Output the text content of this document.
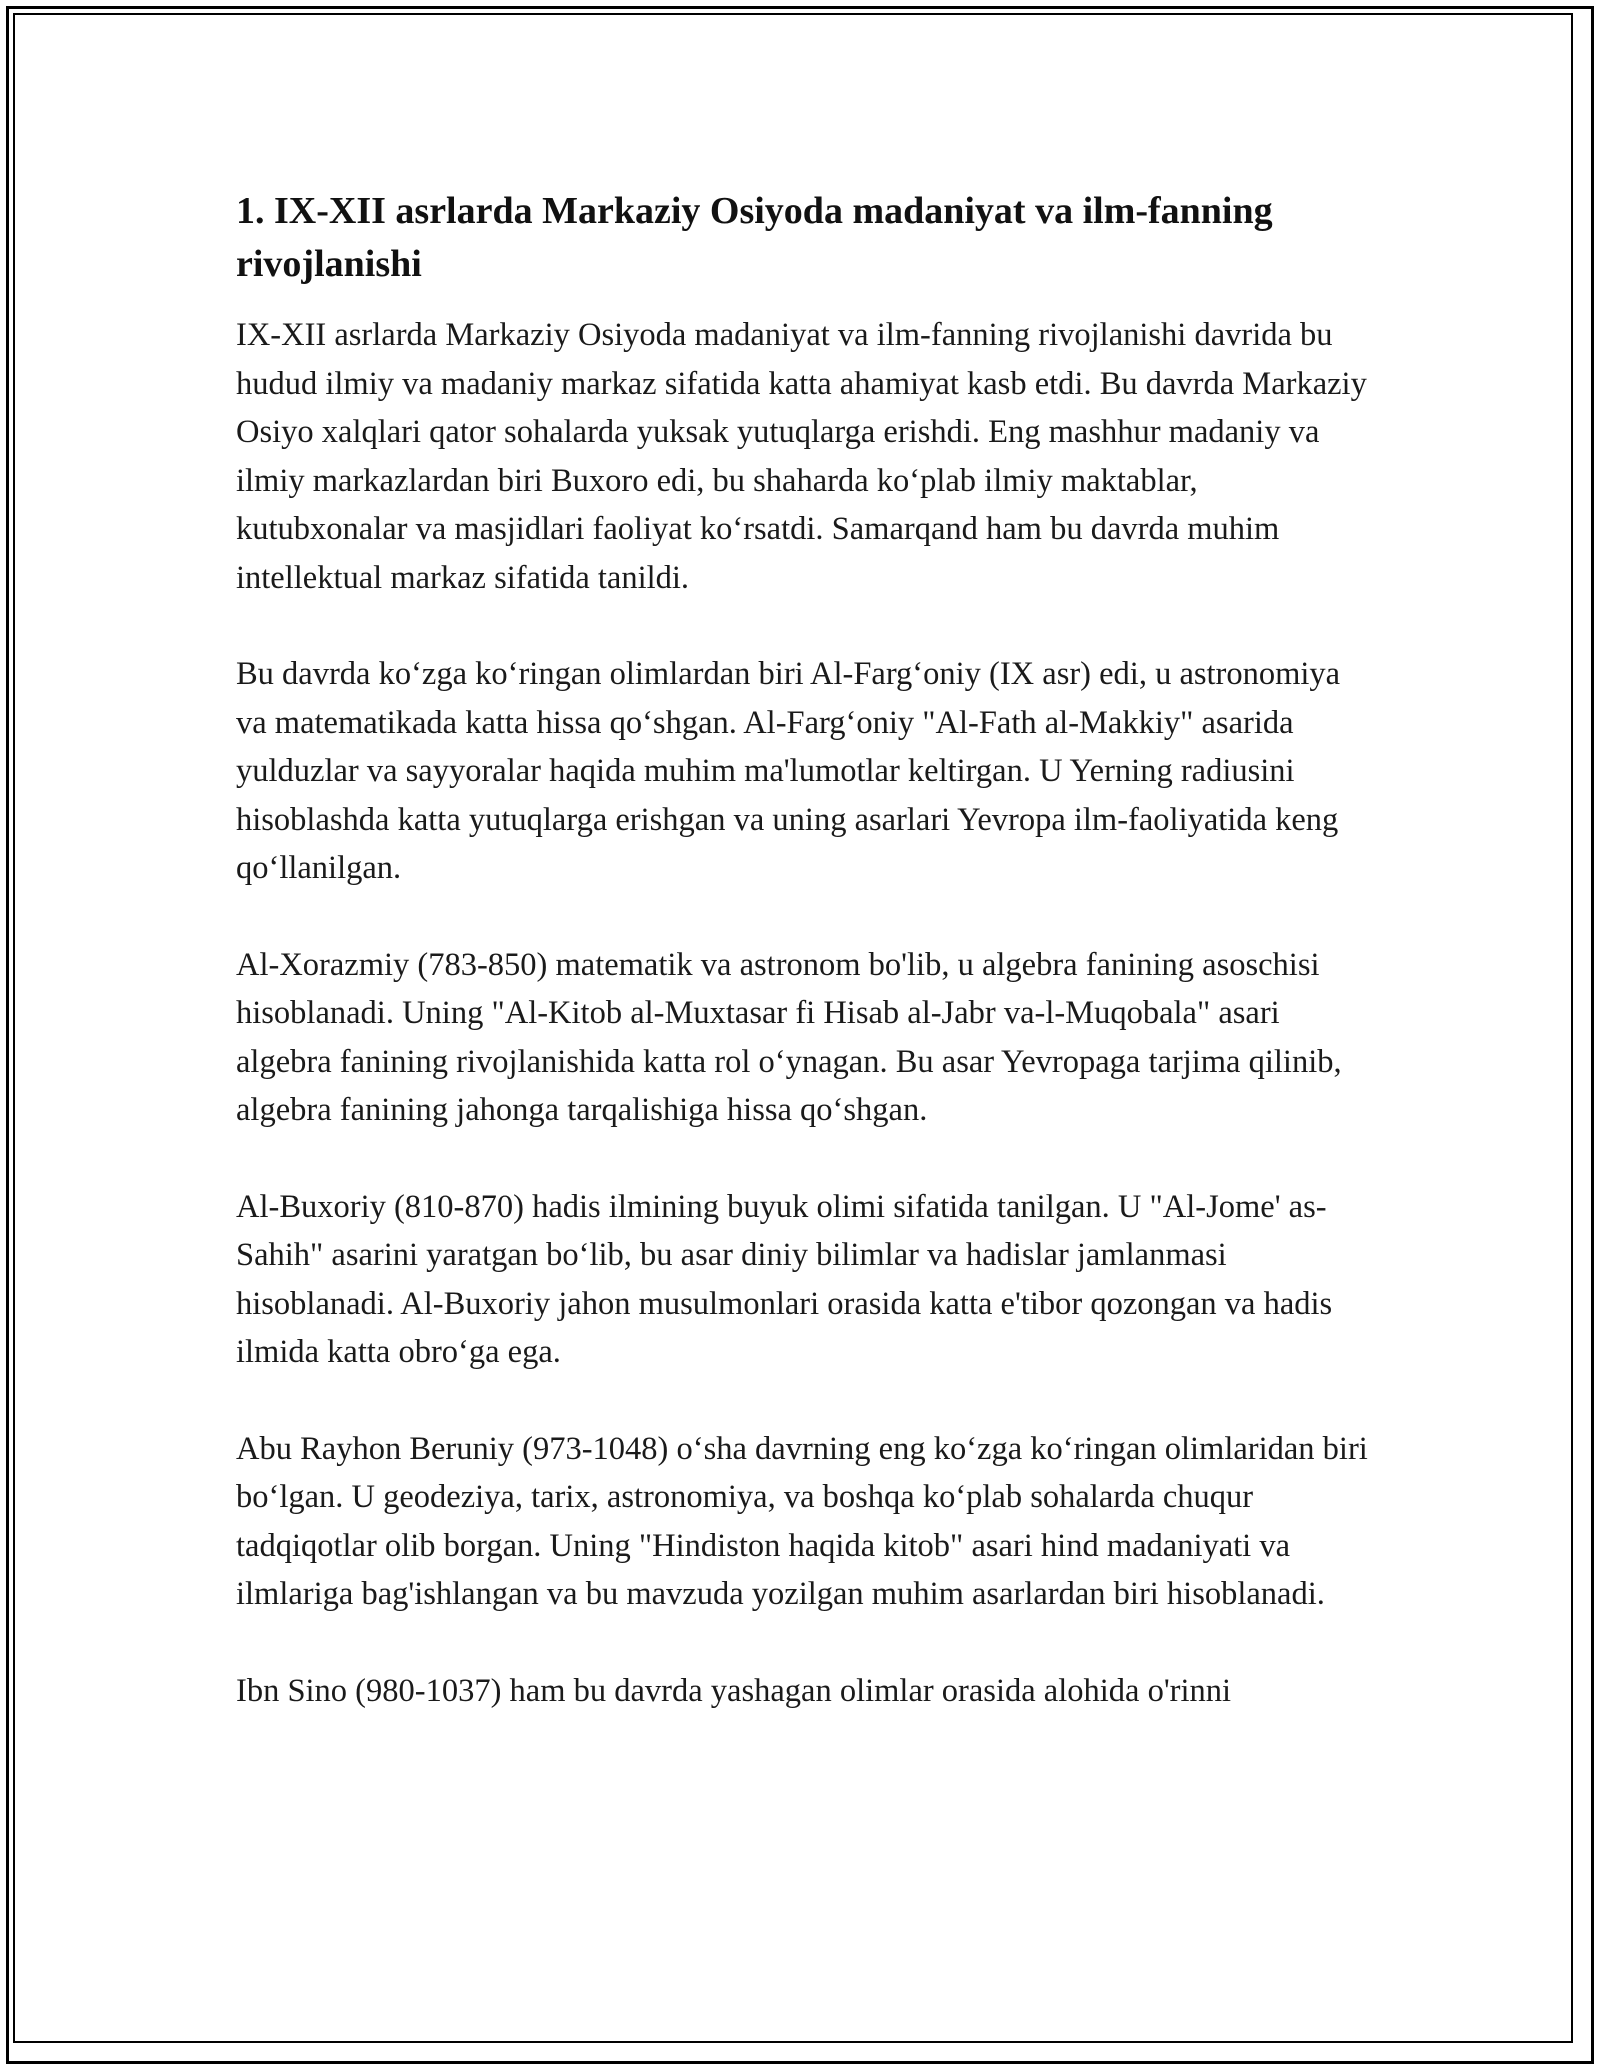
1. IX-XII asrlarda Markaziy Osiyoda madaniyat va ilm-fanning rivojlanishi

IX-XII asrlarda Markaziy Osiyoda madaniyat va ilm-fanning rivojlanishi davrida bu hudud ilmiy va madaniy markaz sifatida katta ahamiyat kasb etdi. Bu davrda Markaziy Osiyo xalqlari qator sohalarda yuksak yutuqlarga erishdi. Eng mashhur madaniy va ilmiy markazlardan biri Buxoro edi, bu shaharda ko‘plab ilmiy maktablar, kutubxonalar va masjidlari faoliyat ko‘rsatdi. Samarqand ham bu davrda muhim intellektual markaz sifatida tanildi.

Bu davrda ko‘zga ko‘ringan olimlardan biri Al-Farg‘oniy (IX asr) edi, u astronomiya va matematikada katta hissa qo‘shgan. Al-Farg‘oniy "Al-Fath al-Makkiy" asarida yulduzlar va sayyoralar haqida muhim ma'lumotlar keltirgan. U Yerning radiusini hisoblashda katta yutuqlarga erishgan va uning asarlari Yevropa ilm-faoliyatida keng qo‘llanilgan.

Al-Xorazmiy (783-850) matematik va astronom bo'lib, u algebra fanining asoschisi hisoblanadi. Uning "Al-Kitob al-Muxtasar fi Hisab al-Jabr va-l-Muqobala" asari algebra fanining rivojlanishida katta rol o‘ynagan. Bu asar Yevropaga tarjima qilinib, algebra fanining jahonga tarqalishiga hissa qo‘shgan.

Al-Buxoriy (810-870) hadis ilmining buyuk olimi sifatida tanilgan. U "Al-Jome' as-Sahih" asarini yaratgan bo‘lib, bu asar diniy bilimlar va hadislar jamlanmasi hisoblanadi. Al-Buxoriy jahon musulmonlari orasida katta e'tibor qozongan va hadis ilmida katta obro‘ga ega.

Abu Rayhon Beruniy (973-1048) o‘sha davrning eng ko‘zga ko‘ringan olimlaridan biri bo‘lgan. U geodeziya, tarix, astronomiya, va boshqa ko‘plab sohalarda chuqur tadqiqotlar olib borgan. Uning "Hindiston haqida kitob" asari hind madaniyati va ilmlariga bag'ishlangan va bu mavzuda yozilgan muhim asarlardan biri hisoblanadi.

Ibn Sino (980-1037) ham bu davrda yashagan olimlar orasida alohida o'rinni
